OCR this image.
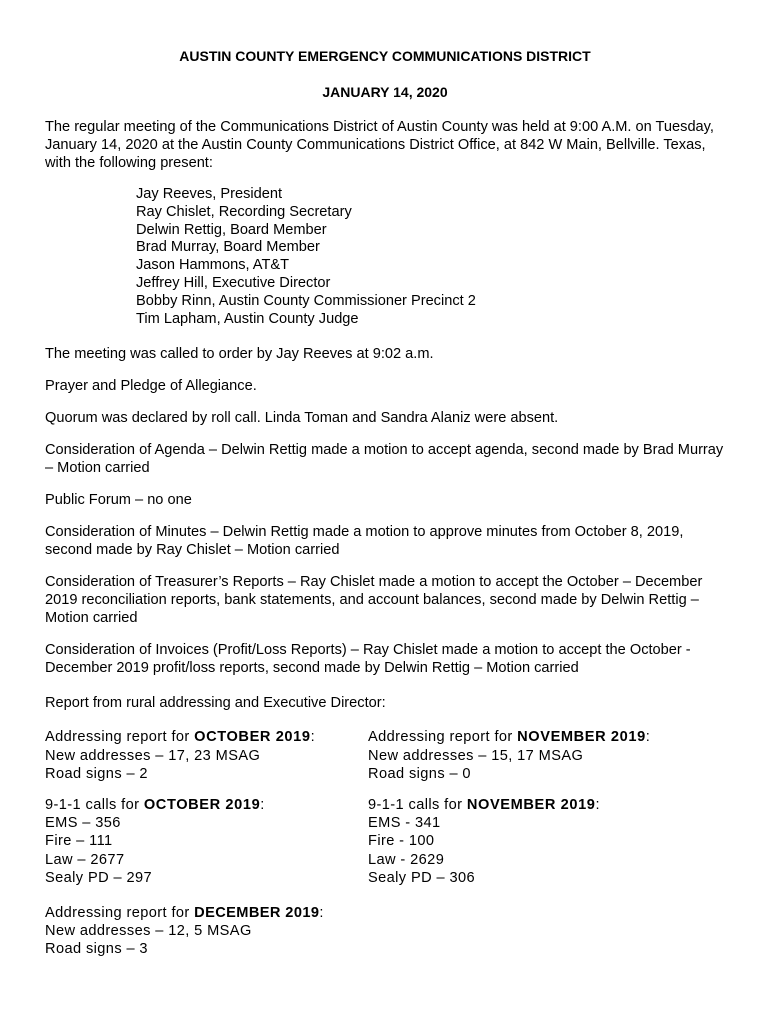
AUSTIN COUNTY EMERGENCY COMMUNICATIONS DISTRICT
JANUARY 14, 2020

The regular meeting of the Communications District of Austin County was held at 9:00 A.M. on Tuesday, January 14, 2020 at the Austin County Communications District Office, at 842 W Main, Bellville. Texas, with the following present:

Jay Reeves, President
Ray Chislet, Recording Secretary
Delwin Rettig, Board Member
Brad Murray, Board Member
Jason Hammons, AT&T
Jeffrey Hill, Executive Director
Bobby Rinn, Austin County Commissioner Precinct 2
Tim Lapham, Austin County Judge

The meeting was called to order by Jay Reeves at 9:02 a.m.

Prayer and Pledge of Allegiance.

Quorum was declared by roll call. Linda Toman and Sandra Alaniz were absent.

Consideration of Agenda – Delwin Rettig made a motion to accept agenda, second made by Brad Murray – Motion carried

Public Forum – no one

Consideration of Minutes – Delwin Rettig made a motion to approve minutes from October 8, 2019, second made by Ray Chislet – Motion carried

Consideration of Treasurer’s Reports – Ray Chislet made a motion to accept the October – December 2019 reconciliation reports, bank statements, and account balances, second made by Delwin Rettig – Motion carried

Consideration of Invoices (Profit/Loss Reports) – Ray Chislet made a motion to accept the October - December 2019 profit/loss reports, second made by Delwin Rettig – Motion carried

Report from rural addressing and Executive Director:

Addressing report for OCTOBER 2019:

New addresses – 17, 23 MSAG

Road signs – 2

Addressing report for NOVEMBER 2019:

New addresses – 15, 17 MSAG

Road signs – 0

9-1-1 calls for OCTOBER 2019:

EMS – 356

Fire – 111

Law – 2677

Sealy PD – 297

9-1-1 calls for NOVEMBER 2019:

EMS - 341

Fire - 100

Law - 2629

Sealy PD – 306

Addressing report for DECEMBER 2019:

New addresses – 12, 5 MSAG

Road signs – 3
